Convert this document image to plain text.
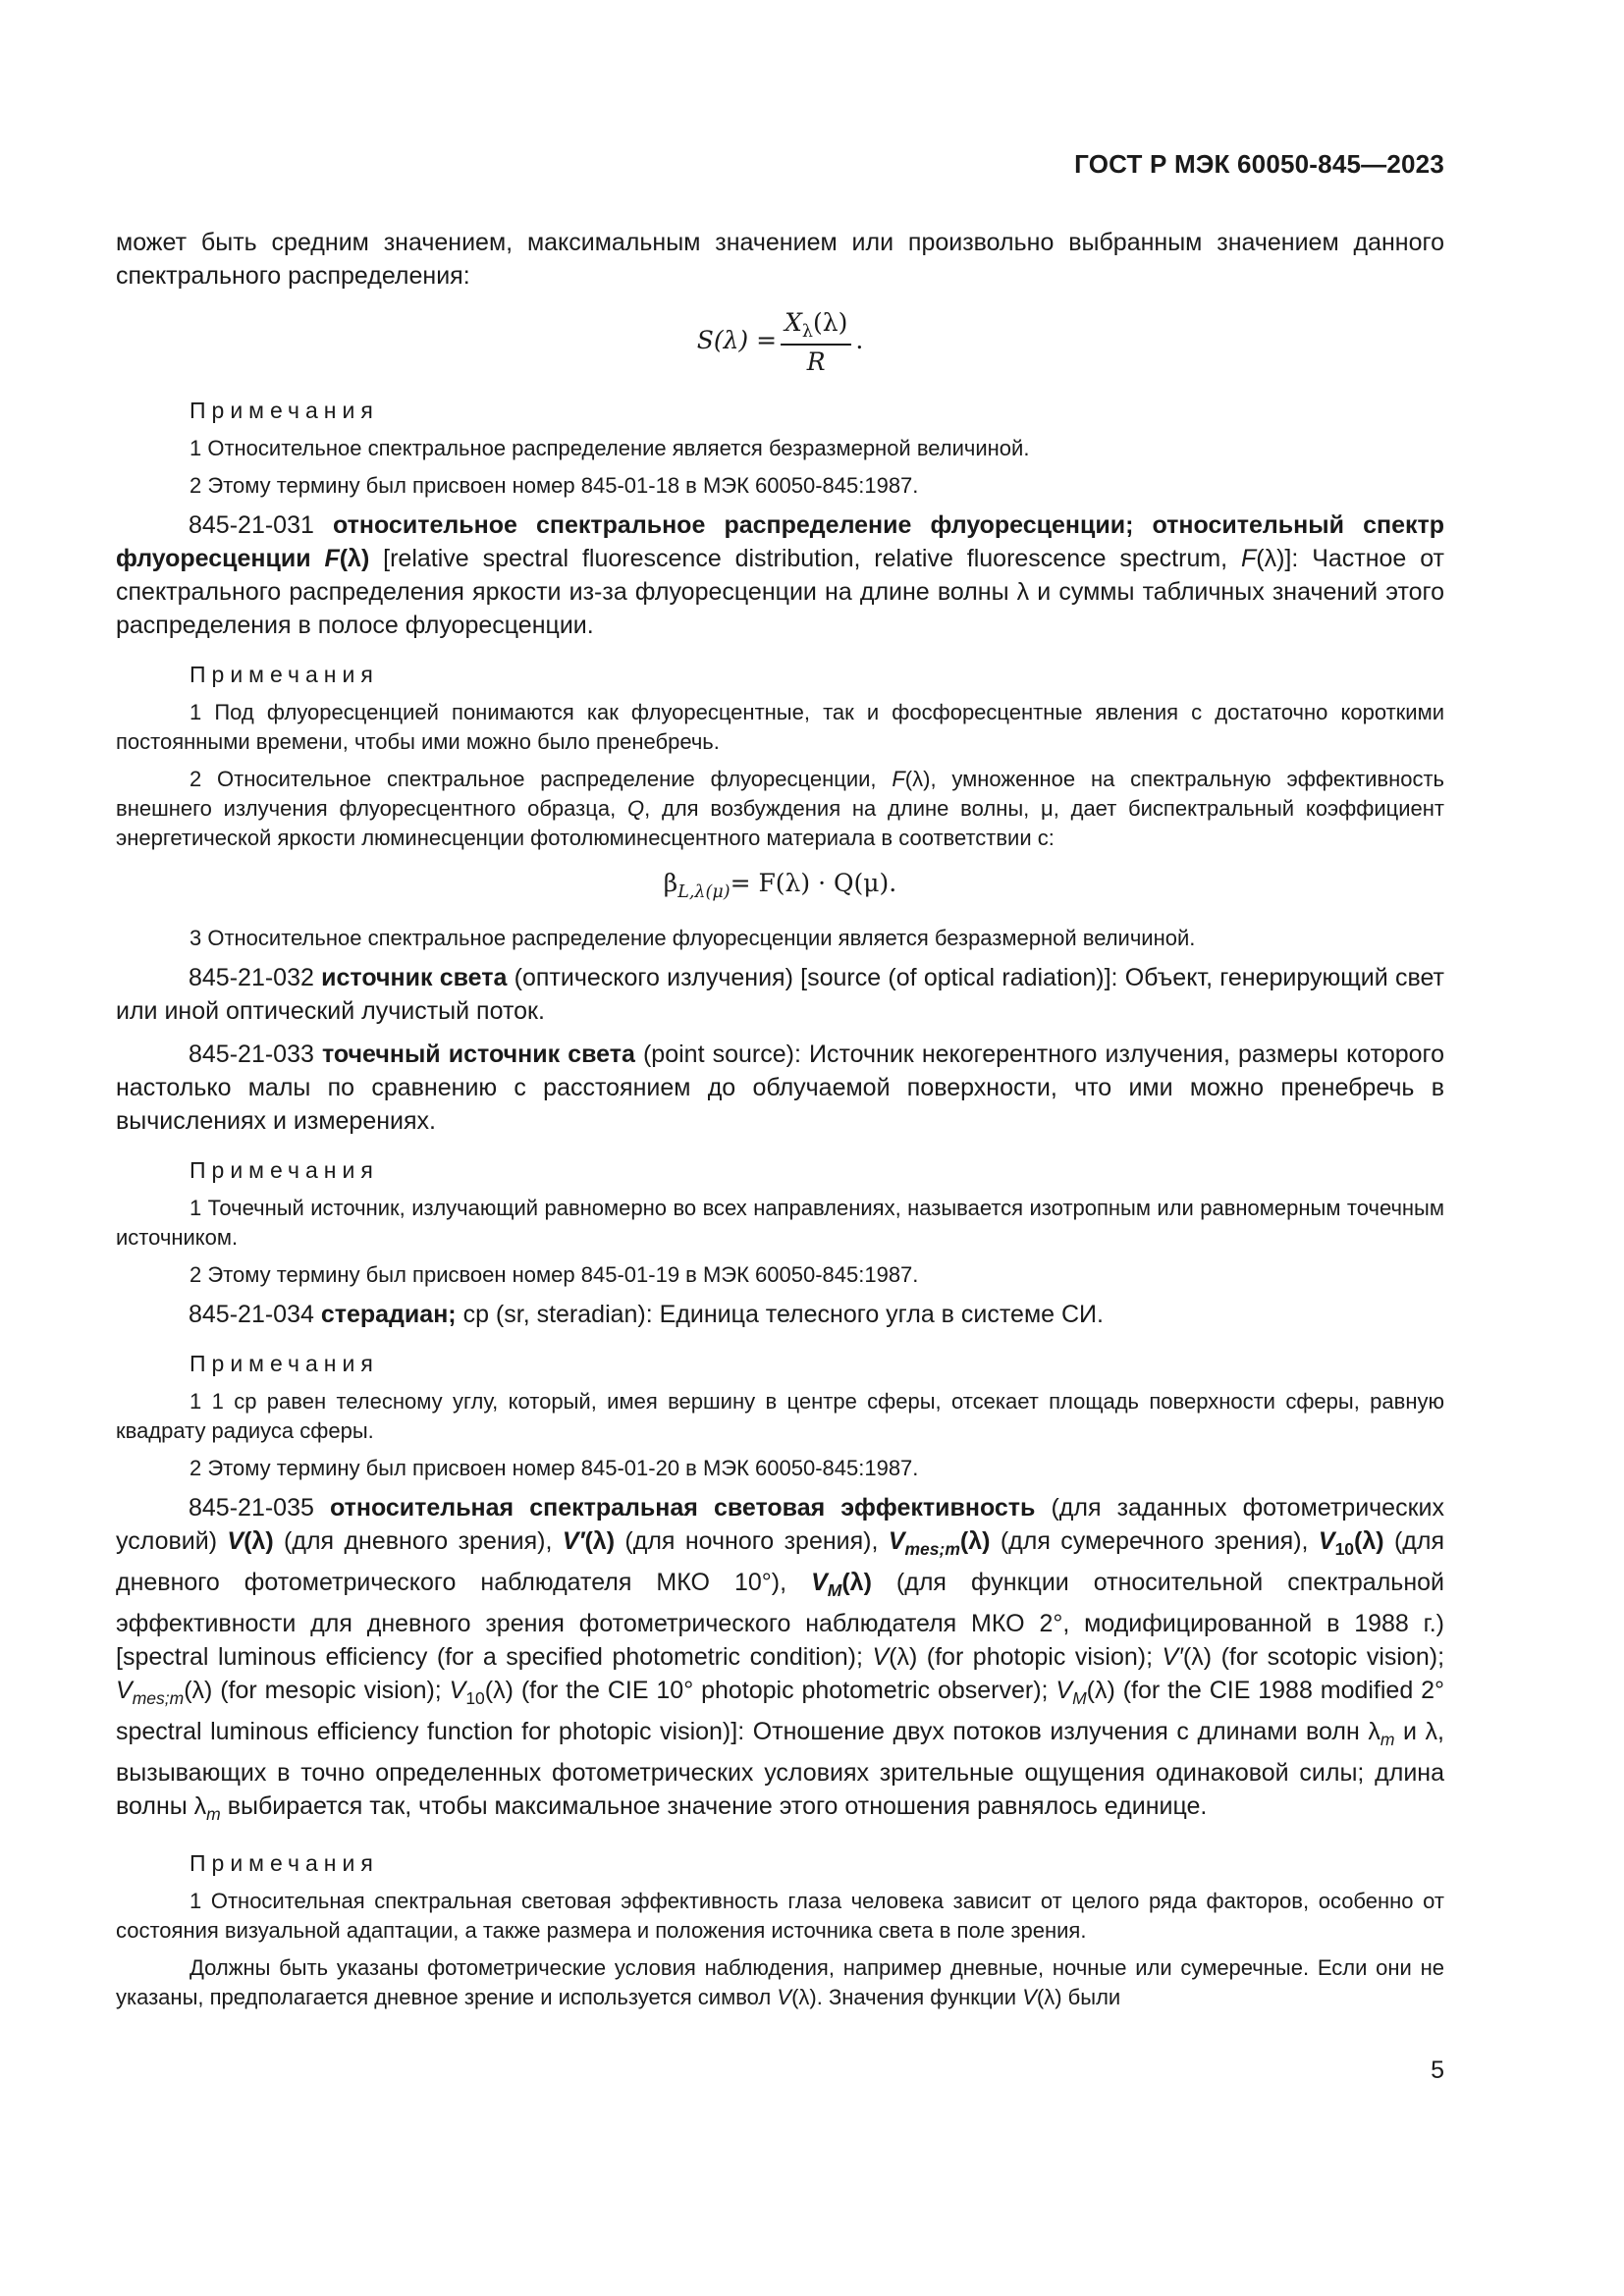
ГОСТ Р МЭК 60050-845—2023

может быть средним значением, максимальным значением или произвольно выбранным значением данного спектрального распределения:

$S(\lambda) = \frac{X_\lambda(\lambda)}{R}$ .
Примечания

1 Относительное спектральное распределение является безразмерной величиной.

2 Этому термину был присвоен номер 845-01-18 в МЭК 60050-845:1987.

845-21-031 относительное спектральное распределение флуоресценции; относительный спектр флуоресценции F(λ) [relative spectral fluorescence distribution, relative fluorescence spectrum, F(λ)]: Частное от спектрального распределения яркости из-за флуоресценции на длине волны λ и суммы табличных значений этого распределения в полосе флуоресценции.

Примечания

1 Под флуоресценцией понимаются как флуоресцентные, так и фосфоресцентные явления с достаточно короткими постоянными времени, чтобы ими можно было пренебречь.

2 Относительное спектральное распределение флуоресценции, F(λ), умноженное на спектральную эффективность внешнего излучения флуоресцентного образца, Q, для возбуждения на длине волны, μ, дает биспектральный коэффициент энергетической яркости люминесценции фотолюминесцентного материала в соответствии с:

$\beta_{L,\lambda(\mu)}= F(\lambda) \cdot Q(\mu)$.

3 Относительное спектральное распределение флуоресценции является безразмерной величиной.

845-21-032 источник света (оптического излучения) [source (of optical radiation)]: Объект, генерирующий свет или иной оптический лучистый поток.

845-21-033 точечный источник света (point source): Источник некогерентного излучения, размеры которого настолько малы по сравнению с расстоянием до облучаемой поверхности, что ими можно пренебречь в вычислениях и измерениях.

Примечания

1 Точечный источник, излучающий равномерно во всех направлениях, называется изотропным или равномерным точечным источником.

2 Этому термину был присвоен номер 845-01-19 в МЭК 60050-845:1987.

845-21-034 стерадиан; ср (sr, steradian): Единица телесного угла в системе СИ.

Примечания

1 1 ср равен телесному углу, который, имея вершину в центре сферы, отсекает площадь поверхности сферы, равную квадрату радиуса сферы.

2 Этому термину был присвоен номер 845-01-20 в МЭК 60050-845:1987.

845-21-035 относительная спектральная световая эффективность (для заданных фотометрических условий) V(λ) (для дневного зрения), V′(λ) (для ночного зрения), $V_{mes;m}(\lambda)$ (для сумеречного зрения), $V_{10}(\lambda)$ (для дневного фотометрического наблюдателя МКО 10°), $V_M(\lambda)$ (для функции относительной спектральной эффективности для дневного зрения фотометрического наблюдателя МКО 2°, модифицированной в 1988 г.) [spectral luminous efficiency (for a specified photometric condition); V(λ) (for photopic vision); V′(λ) (for scotopic vision); $V_{mes;m}(\lambda)$ (for mesopic vision); $V_{10}(\lambda)$ (for the CIE 10° photopic photometric observer); $V_M(\lambda)$ (for the CIE 1988 modified 2° spectral luminous efficiency function for photopic vision)]: Отношение двух потоков излучения с длинами волн $\lambda_m$ и λ, вызывающих в точно определенных фотометрических условиях зрительные ощущения одинаковой силы; длина волны $\lambda_m$ выбирается так, чтобы максимальное значение этого отношения равнялось единице.

Примечания

1 Относительная спектральная световая эффективность глаза человека зависит от целого ряда факторов, особенно от состояния визуальной адаптации, а также размера и положения источника света в поле зрения.

Должны быть указаны фотометрические условия наблюдения, например дневные, ночные или сумеречные. Если они не указаны, предполагается дневное зрение и используется символ V(λ). Значения функции V(λ) были

5
